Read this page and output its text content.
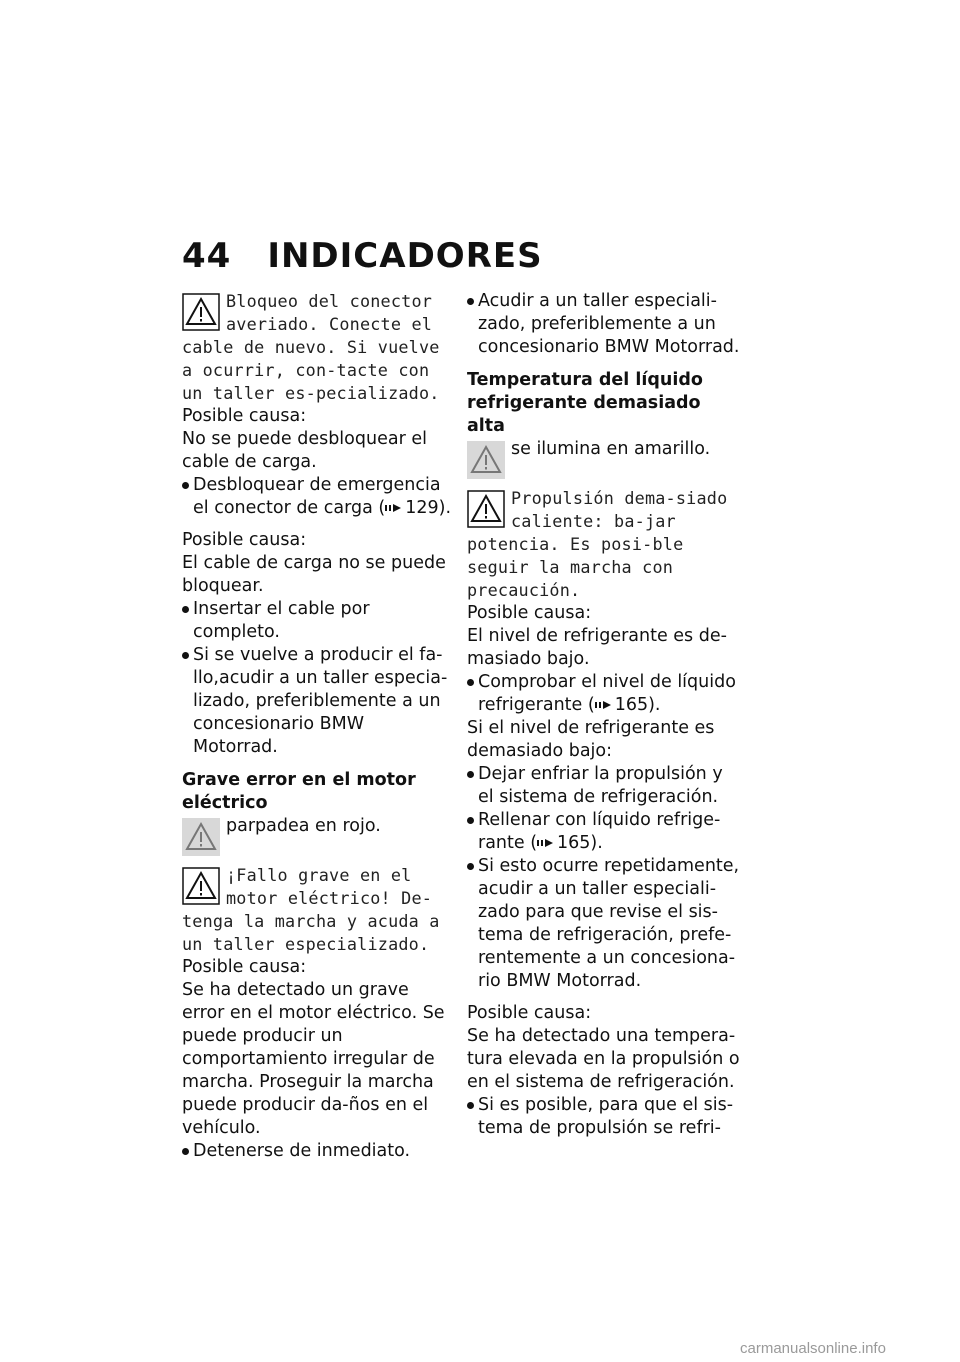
44 INDICADORES

Bloqueo del conector averiado. Conecte el cable de nuevo. Si vuelve a ocurrir, con-tacte con un taller es-pecializado.

Posible causa:

No se puede desbloquear el cable de carga.

Desbloquear de emergencia el conector de carga ( 129).

Posible causa:

El cable de carga no se puede bloquear.

Insertar el cable por completo.

Si se vuelve a producir el fa-llo,acudir a un taller especia-lizado, preferiblemente a un concesionario BMW Motorrad.

Grave error en el motor eléctrico

parpadea en rojo.

¡Fallo grave en el motor eléctrico! De-tenga la marcha y acuda a un taller especializado.

Posible causa:

Se ha detectado un grave error en el motor eléctrico. Se puede producir un comportamiento irregular de marcha. Proseguir la marcha puede producir da-ños en el vehículo.

Detenerse de inmediato.

Acudir a un taller especiali-zado, preferiblemente a un concesionario BMW Motorrad.

Temperatura del líquido refrigerante demasiado alta

se ilumina en amarillo.

Propulsión dema-siado caliente: ba-jar potencia. Es posi-ble seguir la marcha con precaución.

Posible causa:

El nivel de refrigerante es de-masiado bajo.

Comprobar el nivel de líquido refrigerante ( 165).

Si el nivel de refrigerante es demasiado bajo:

Dejar enfriar la propulsión y el sistema de refrigeración.

Rellenar con líquido refrige-rante ( 165).

Si esto ocurre repetidamente, acudir a un taller especiali-zado para que revise el sis-tema de refrigeración, prefe-rentemente a un concesiona-rio BMW Motorrad.

Posible causa:

Se ha detectado una tempera-tura elevada en la propulsión o en el sistema de refrigeración.

Si es posible, para que el sis-tema de propulsión se refri-

carmanualsonline.info
